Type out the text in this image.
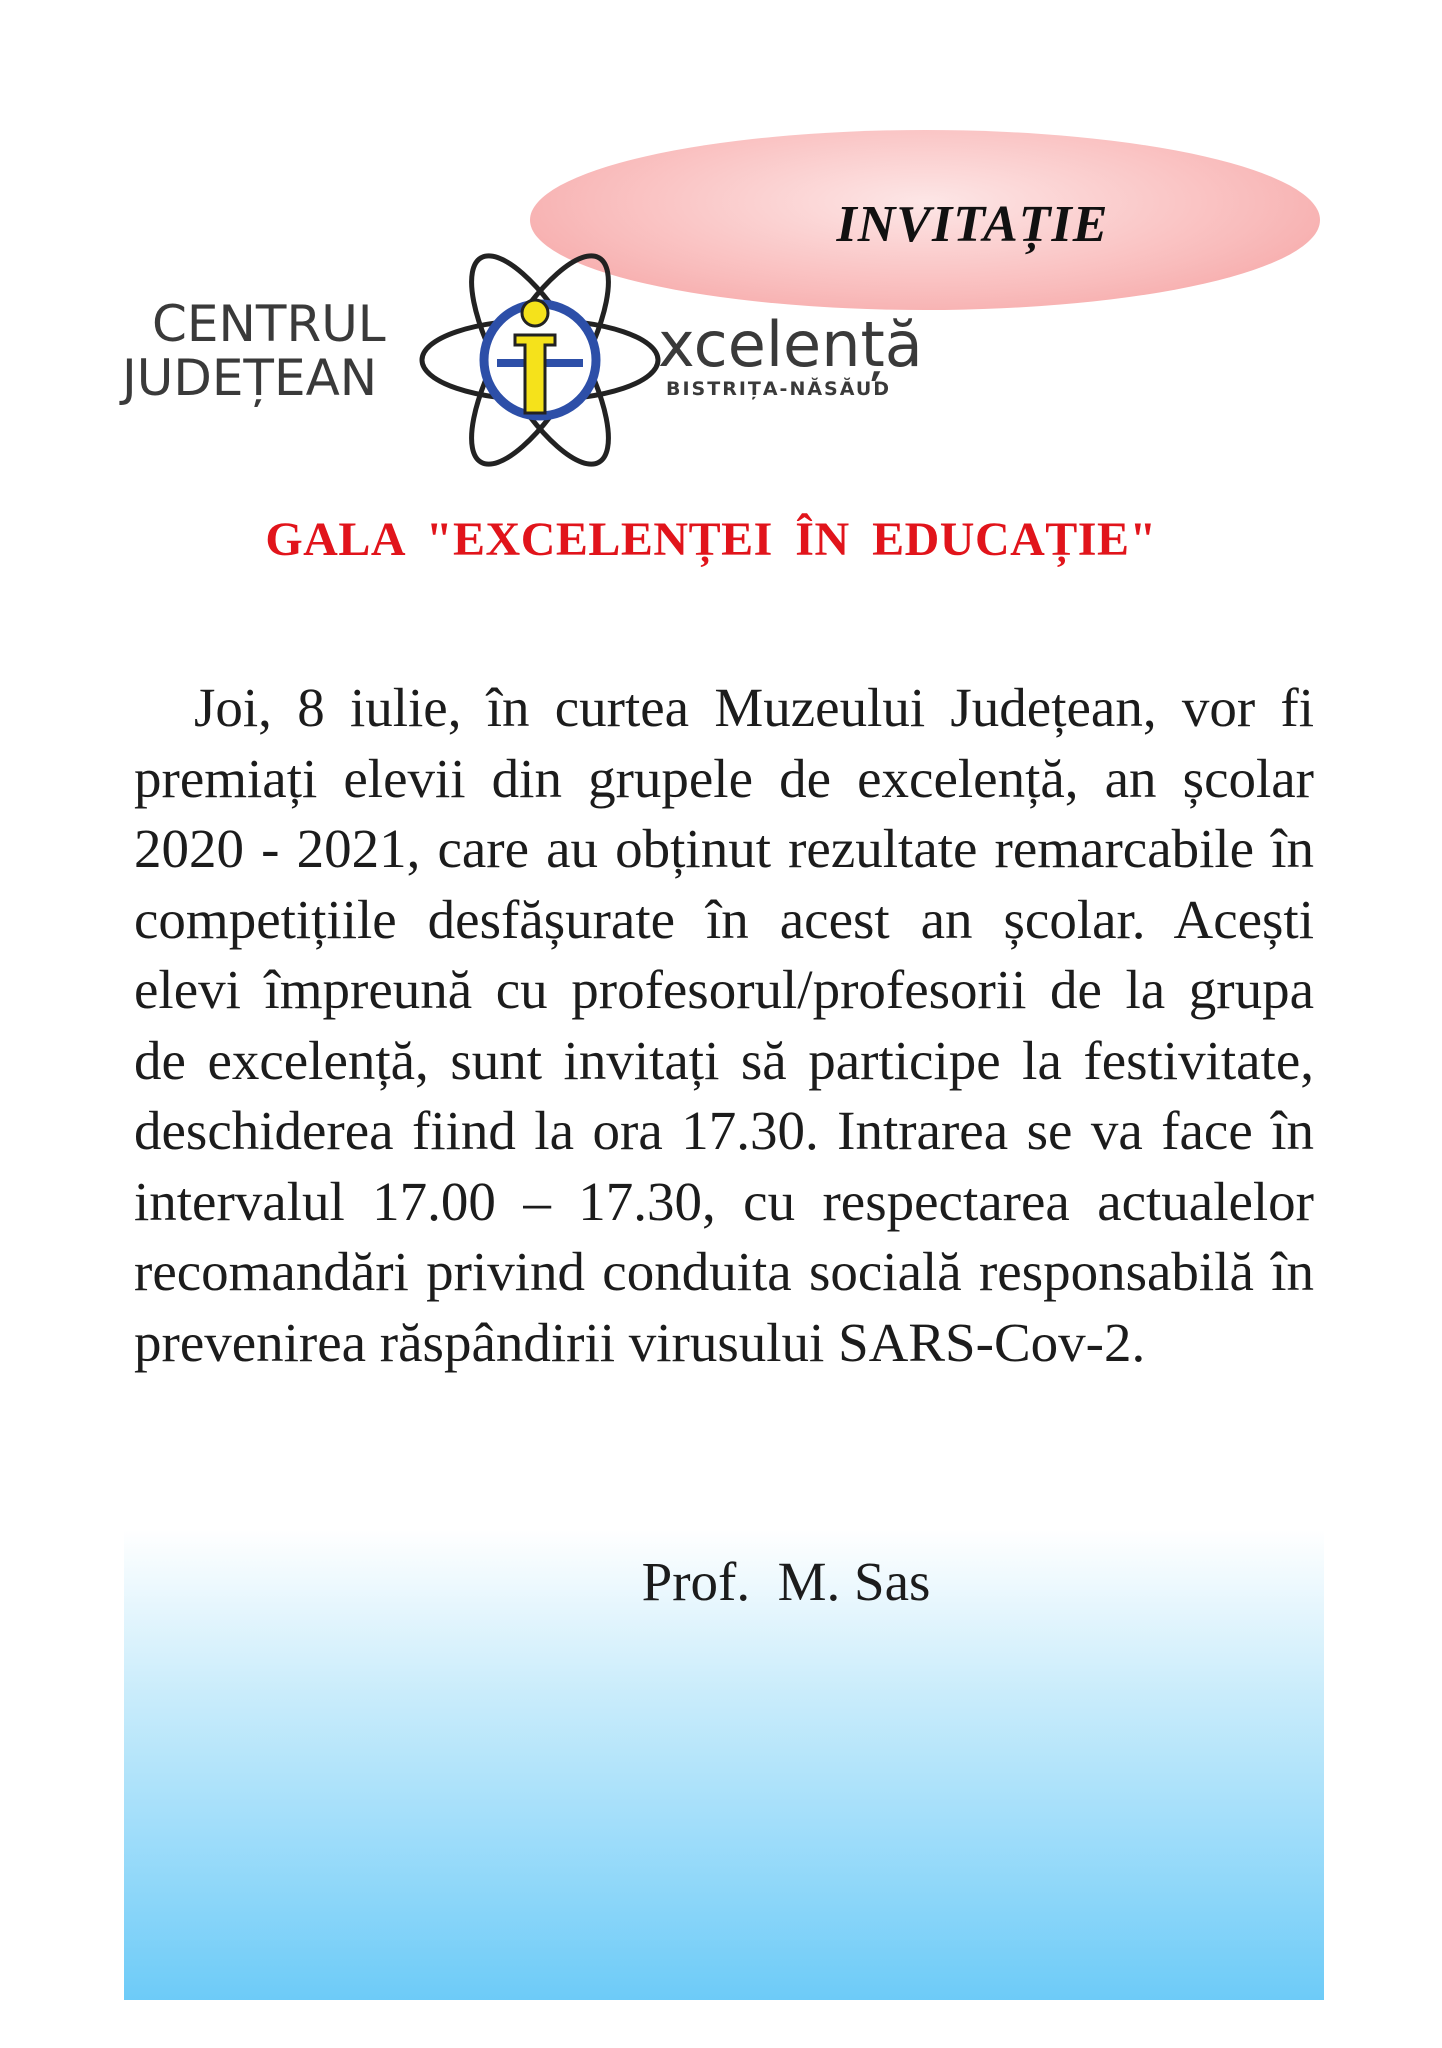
INVITAȚIE
CENTRUL
JUDEȚEAN	xcelență
BISTRIȚA-NĂSĂUD
GALA "EXCELENȚEI ÎN EDUCAȚIE"

Joi, 8 iulie, în curtea Muzeului Județean, vor fi premiați elevii din grupele de excelență, an școlar 2020 - 2021, care au obținut rezultate remarcabile în competițiile desfășurate în acest an școlar. Acești elevi împreună cu profesorul/profesorii de la grupa de excelență, sunt invitați să participe la festivitate, deschiderea fiind la ora 17.30. Intrarea se va face în intervalul 17.00 – 17.30, cu respectarea actualelor recomandări privind conduita socială responsabilă în prevenirea răspândirii virusului SARS-Cov-2.

Prof.  M. Sas
